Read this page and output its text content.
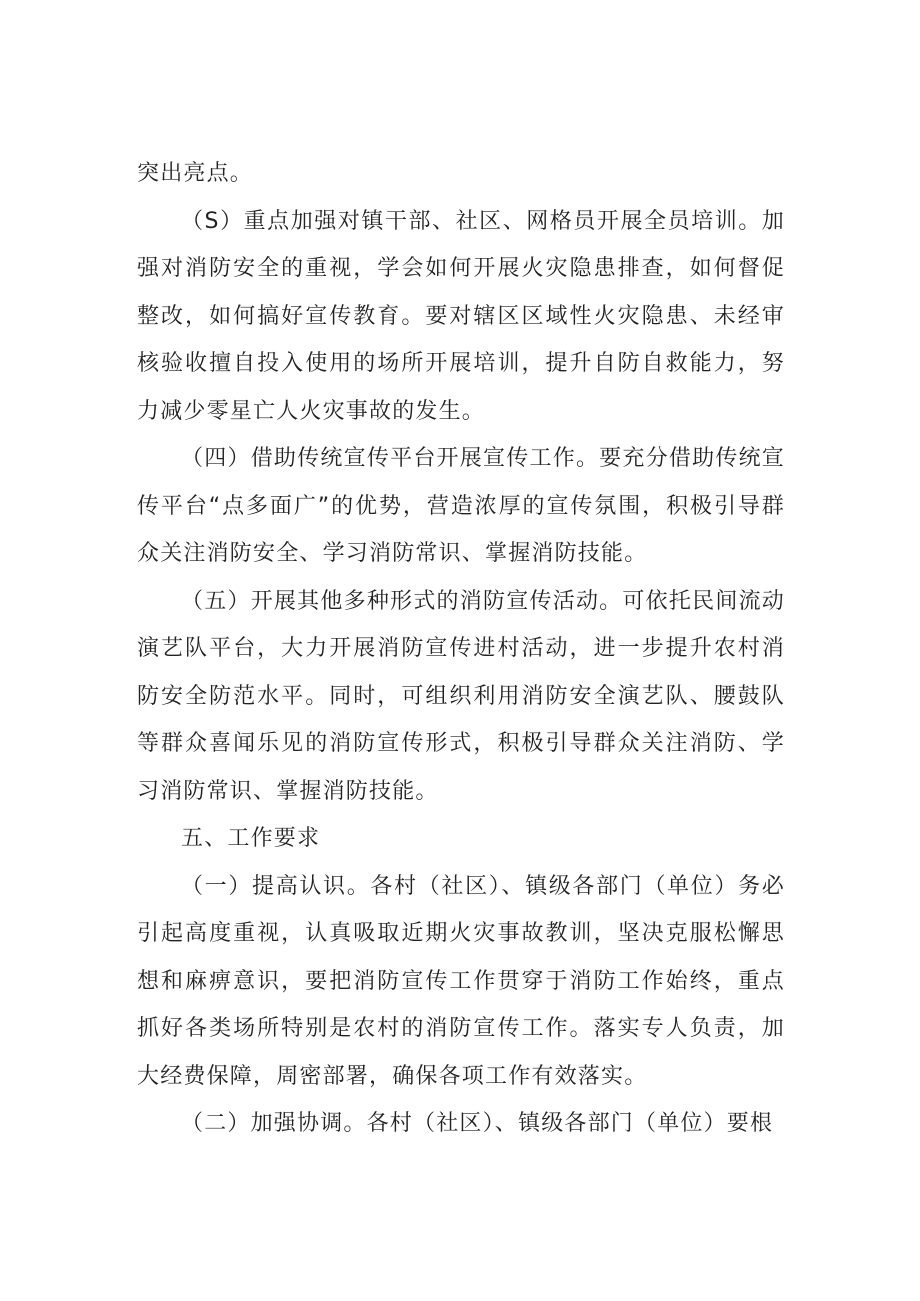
突出亮点。

（S）重点加强对镇干部、社区、网格员开展全员培训。加强对消防安全的重视，学会如何开展火灾隐患排查，如何督促整改，如何搞好宣传教育。要对辖区区域性火灾隐患、未经审核验收擅自投入使用的场所开展培训，提升自防自救能力，努力减少零星亡人火灾事故的发生。

（四）借助传统宣传平台开展宣传工作。要充分借助传统宣传平台“点多面广”的优势，营造浓厚的宣传氛围，积极引导群众关注消防安全、学习消防常识、掌握消防技能。

（五）开展其他多种形式的消防宣传活动。可依托民间流动演艺队平台，大力开展消防宣传进村活动，进一步提升农村消防安全防范水平。同时，可组织利用消防安全演艺队、腰鼓队等群众喜闻乐见的消防宣传形式，积极引导群众关注消防、学习消防常识、掌握消防技能。

五、工作要求

（一）提高认识。各村（社区）、镇级各部门（单位）务必引起高度重视，认真吸取近期火灾事故教训，坚决克服松懈思想和麻痹意识，要把消防宣传工作贯穿于消防工作始终，重点抓好各类场所特别是农村的消防宣传工作。落实专人负责，加大经费保障，周密部署，确保各项工作有效落实。

（二）加强协调。各村（社区）、镇级各部门（单位）要根
